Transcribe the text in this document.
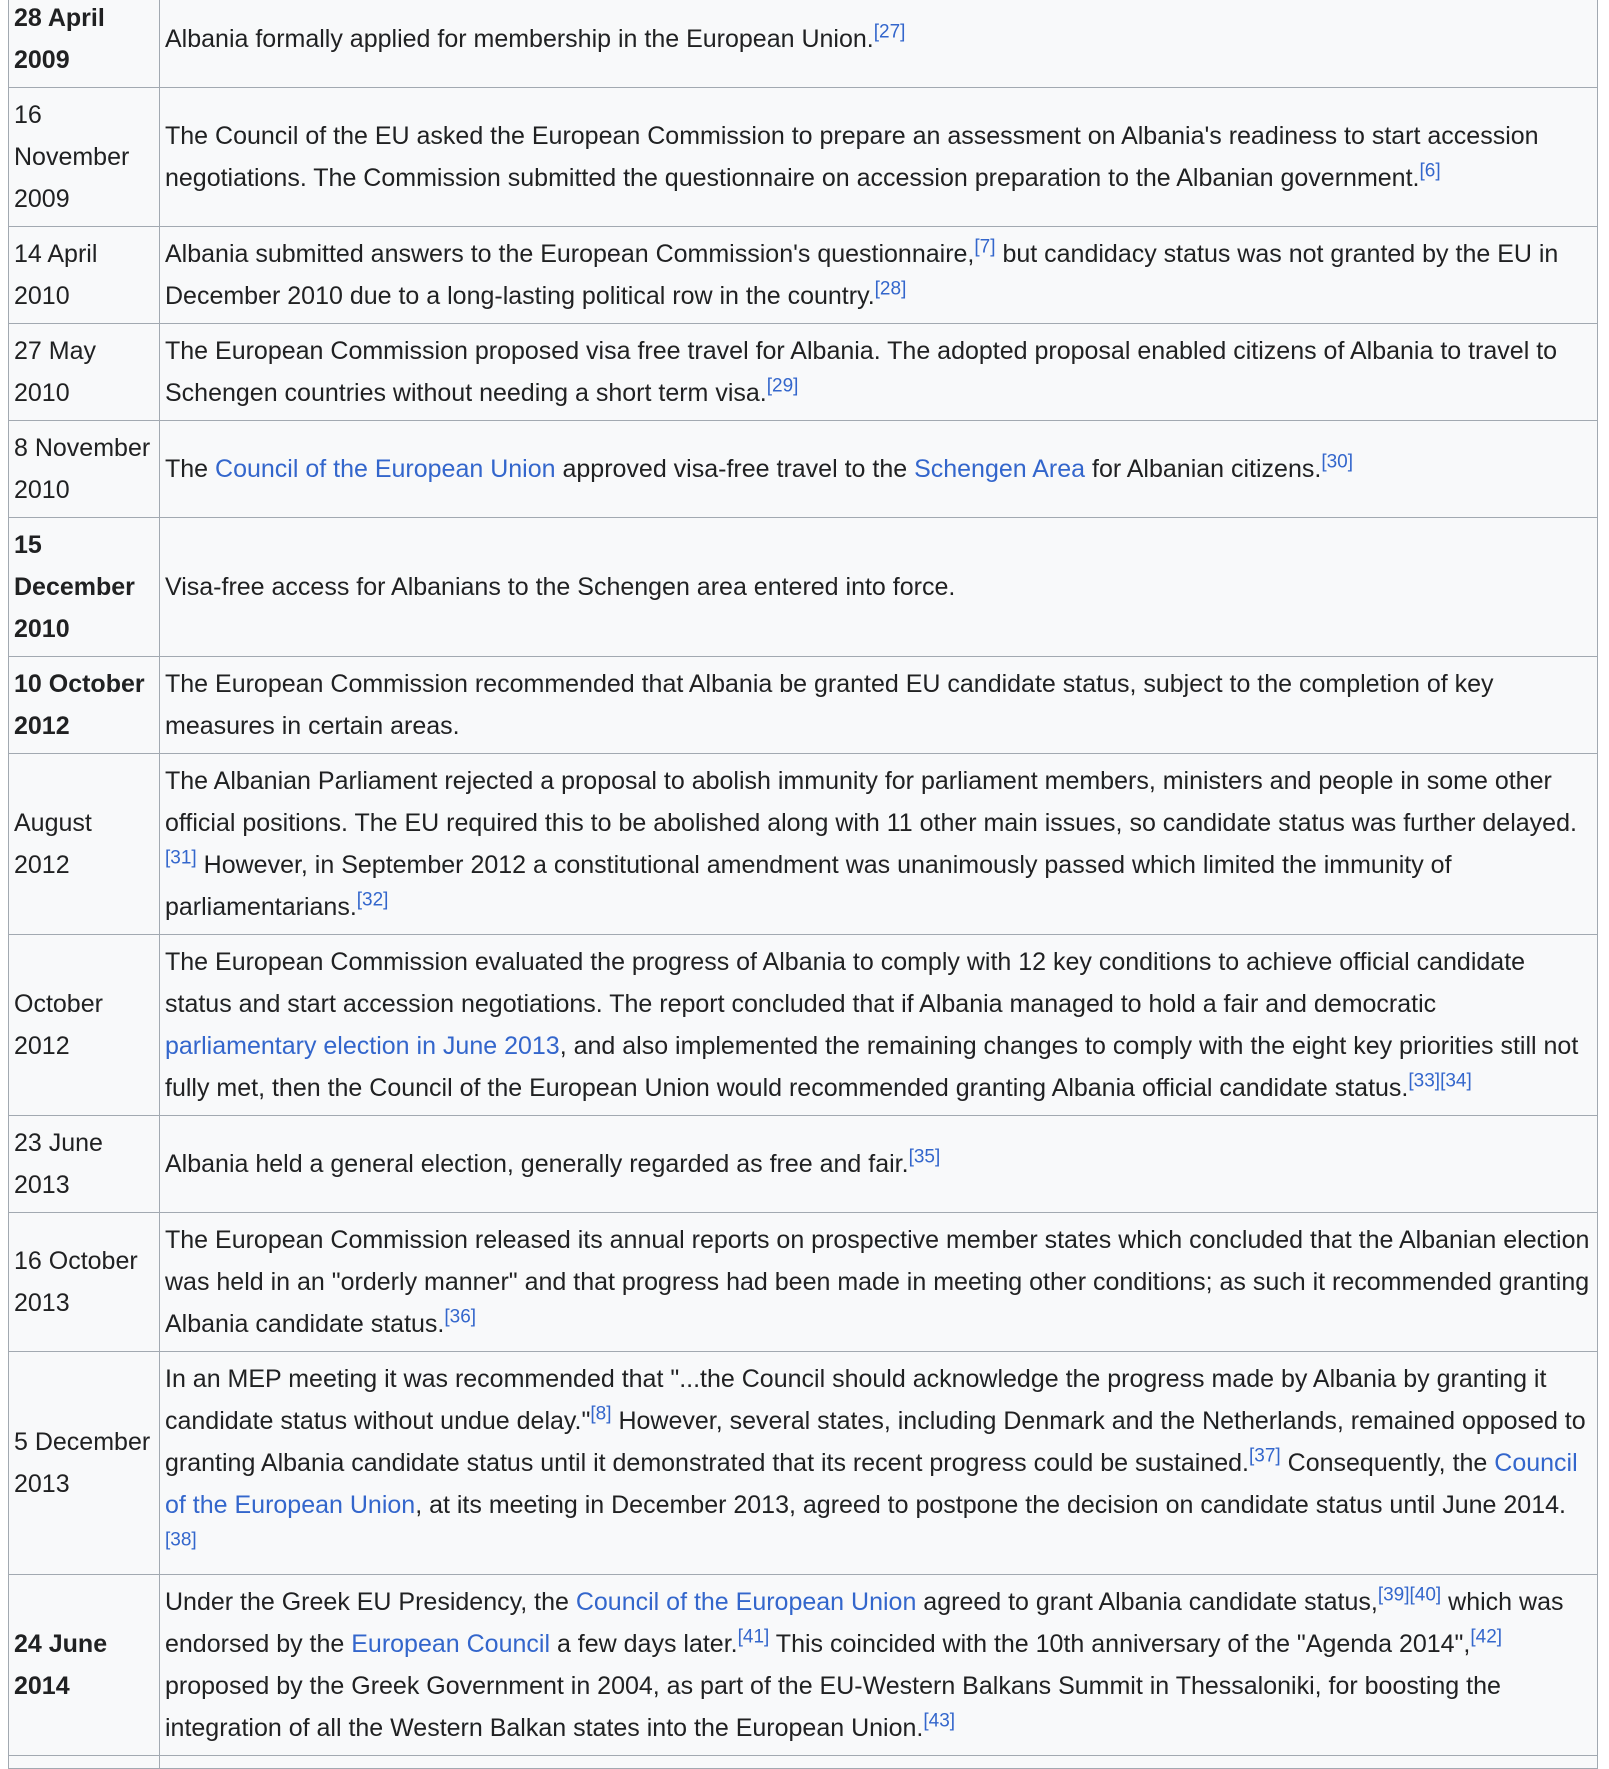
28 April 2009	Albania formally applied for membership in the European Union.[27]
16 November 2009	The Council of the EU asked the European Commission to prepare an assessment on Albania's readiness to start accession negotiations. The Commission submitted the questionnaire on accession preparation to the Albanian government.[6]
14 April 2010	Albania submitted answers to the European Commission's questionnaire,[7] but candidacy status was not granted by the EU in December 2010 due to a long-lasting political row in the country.[28]
27 May 2010	The European Commission proposed visa free travel for Albania. The adopted proposal enabled citizens of Albania to travel to Schengen countries without needing a short term visa.[29]
8 November 2010	The Council of the European Union approved visa-free travel to the Schengen Area for Albanian citizens.[30]
15 December 2010	Visa-free access for Albanians to the Schengen area entered into force.
10 October 2012	The European Commission recommended that Albania be granted EU candidate status, subject to the completion of key measures in certain areas.
August 2012	The Albanian Parliament rejected a proposal to abolish immunity for parliament members, ministers and people in some other official positions. The EU required this to be abolished along with 11 other main issues, so candidate status was further delayed.[31] However, in September 2012 a constitutional amendment was unanimously passed which limited the immunity of parliamentarians.[32]
October 2012	The European Commission evaluated the progress of Albania to comply with 12 key conditions to achieve official candidate status and start accession negotiations. The report concluded that if Albania managed to hold a fair and democratic parliamentary election in June 2013, and also implemented the remaining changes to comply with the eight key priorities still not fully met, then the Council of the European Union would recommended granting Albania official candidate status.[33][34]
23 June 2013	Albania held a general election, generally regarded as free and fair.[35]
16 October 2013	The European Commission released its annual reports on prospective member states which concluded that the Albanian election was held in an "orderly manner" and that progress had been made in meeting other conditions; as such it recommended granting Albania candidate status.[36]
5 December 2013	In an MEP meeting it was recommended that "...the Council should acknowledge the progress made by Albania by granting it candidate status without undue delay."[8] However, several states, including Denmark and the Netherlands, remained opposed to granting Albania candidate status until it demonstrated that its recent progress could be sustained.[37] Consequently, the Council of the European Union, at its meeting in December 2013, agreed to postpone the decision on candidate status until June 2014.[38]
24 June 2014	Under the Greek EU Presidency, the Council of the European Union agreed to grant Albania candidate status,[39][40] which was endorsed by the European Council a few days later.[41] This coincided with the 10th anniversary of the "Agenda 2014",[42] proposed by the Greek Government in 2004, as part of the EU-Western Balkans Summit in Thessaloniki, for boosting the integration of all the Western Balkan states into the European Union.[43]
